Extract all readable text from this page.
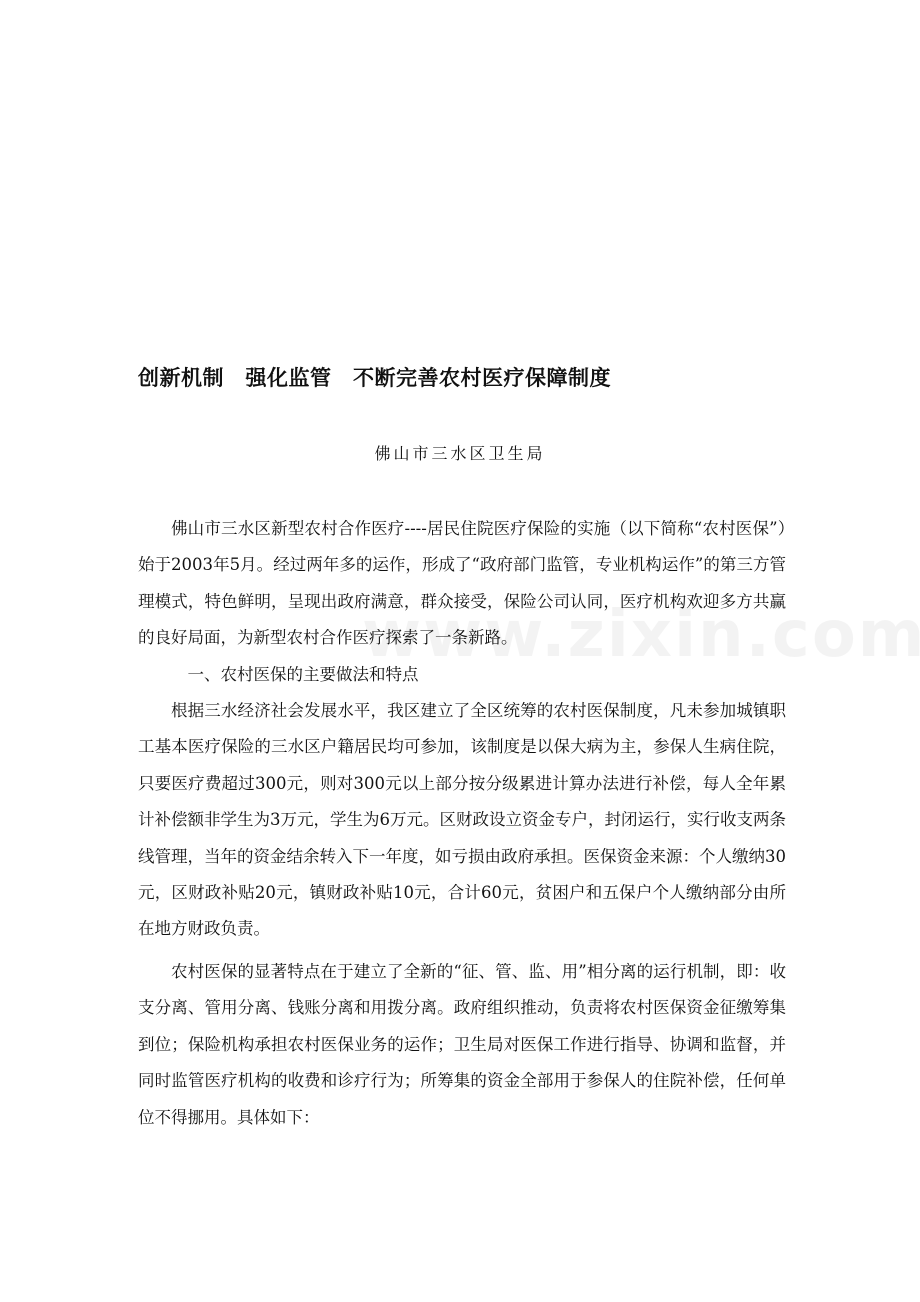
创新机制　强化监管　不断完善农村医疗保障制度
佛山市三水区卫生局

佛山市三水区新型农村合作医疗----居民住院医疗保险的实施（以下简称“农村医保”）始于2003年5月。经过两年多的运作，形成了“政府部门监管，专业机构运作”的第三方管理模式，特色鲜明，呈现出政府满意，群众接受，保险公司认同，医疗机构欢迎多方共赢的良好局面，为新型农村合作医疗探索了一条新路。

一、农村医保的主要做法和特点

根据三水经济社会发展水平，我区建立了全区统筹的农村医保制度，凡未参加城镇职工基本医疗保险的三水区户籍居民均可参加，该制度是以保大病为主，参保人生病住院，只要医疗费超过300元，则对300元以上部分按分级累进计算办法进行补偿，每人全年累计补偿额非学生为3万元，学生为6万元。区财政设立资金专户，封闭运行，实行收支两条线管理，当年的资金结余转入下一年度，如亏损由政府承担。医保资金来源：个人缴纳30元，区财政补贴20元，镇财政补贴10元，合计60元，贫困户和五保户个人缴纳部分由所在地方财政负责。

农村医保的显著特点在于建立了全新的“征、管、监、用”相分离的运行机制，即：收支分离、管用分离、钱账分离和用拨分离。政府组织推动，负责将农村医保资金征缴筹集到位；保险机构承担农村医保业务的运作；卫生局对医保工作进行指导、协调和监督，并同时监管医疗机构的收费和诊疗行为；所筹集的资金全部用于参保人的住院补偿，任何单位不得挪用。具体如下：
